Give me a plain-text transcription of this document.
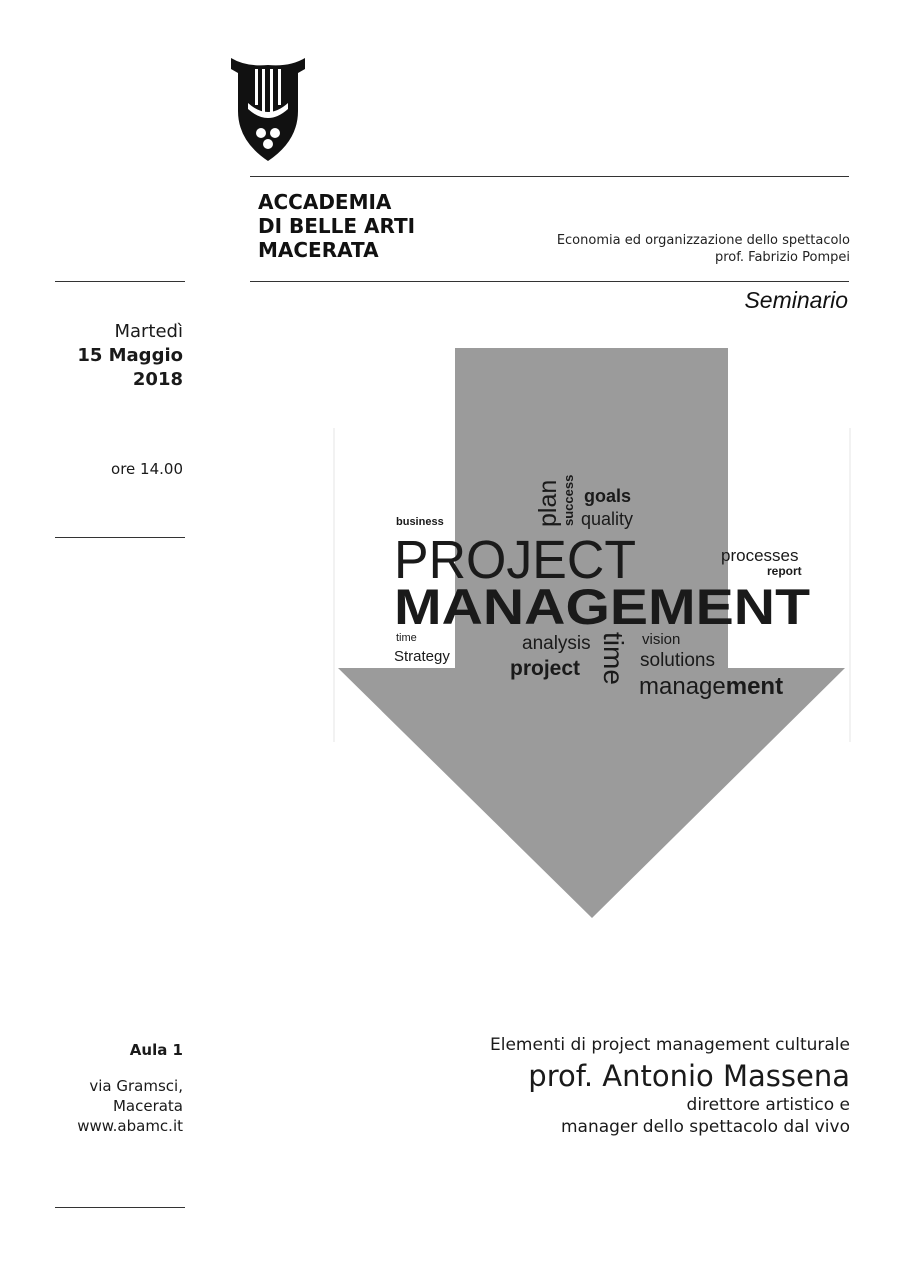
ACCADEMIA
DI BELLE ARTI
MACERATA	Economia ed organizzazione dello spettacolo
prof. Fabrizio Pompei
Seminario
Martedì
15 Maggio
2018
ore 14.00
business	plan success goals
quality
PROJECT	processes
report
MANAGEMENT
time
Strategy
analysis
project time vision
solutions
management
Aula 1
via Gramsci,
Macerata
www.abamc.it
Elementi di project management culturale
prof. Antonio Massena
direttore artistico e
manager dello spettacolo dal vivo
